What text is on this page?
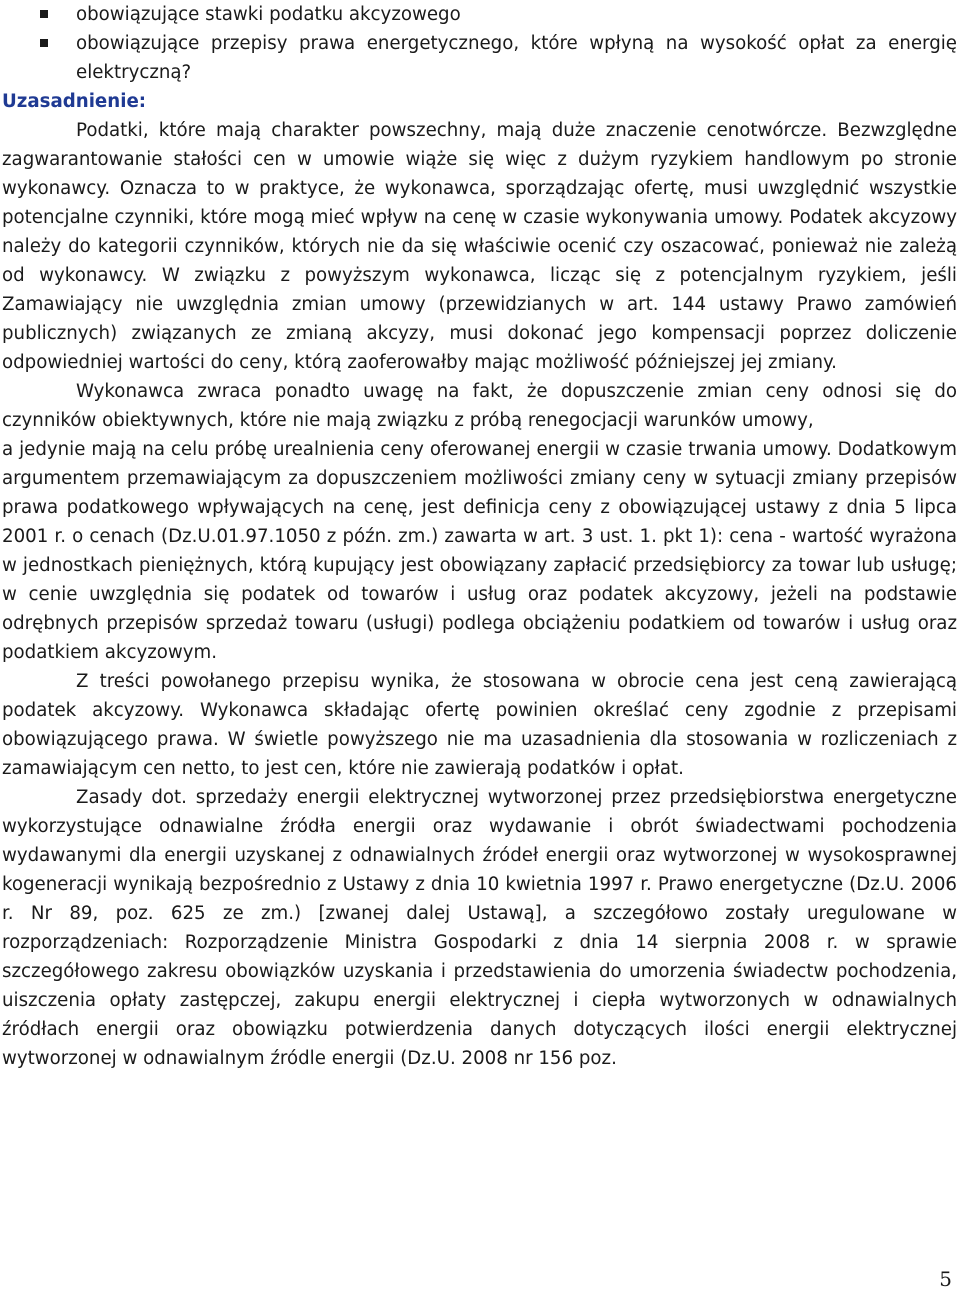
obowiązujące stawki podatku akcyzowego
obowiązujące przepisy prawa energetycznego, które wpłyną na wysokość opłat za energię elektryczną?

Uzasadnienie:

Podatki, które mają charakter powszechny, mają duże znaczenie cenotwórcze. Bezwzględne zagwarantowanie stałości cen w umowie wiąże się więc z dużym ryzykiem handlowym po stronie wykonawcy. Oznacza to w praktyce, że wykonawca, sporządzając ofertę, musi uwzględnić wszystkie potencjalne czynniki, które mogą mieć wpływ na cenę w czasie wykonywania umowy. Podatek akcyzowy należy do kategorii czynników, których nie da się właściwie ocenić czy oszacować, ponieważ nie zależą od wykonawcy. W związku z powyższym wykonawca, licząc się z potencjalnym ryzykiem, jeśli Zamawiający nie uwzględnia zmian umowy (przewidzianych w art. 144 ustawy Prawo zamówień publicznych) związanych ze zmianą akcyzy, musi dokonać jego kompensacji poprzez doliczenie odpowiedniej wartości do ceny, którą zaoferowałby mając możliwość późniejszej jej zmiany.

Wykonawca zwraca ponadto uwagę na fakt, że dopuszczenie zmian ceny odnosi się do czynników obiektywnych, które nie mają związku z próbą renegocjacji warunków umowy,

a jedynie mają na celu próbę urealnienia ceny oferowanej energii w czasie trwania umowy. Dodatkowym argumentem przemawiającym za dopuszczeniem możliwości zmiany ceny w sytuacji zmiany przepisów prawa podatkowego wpływających na cenę, jest definicja ceny z obowiązującej ustawy z dnia 5 lipca 2001 r. o cenach (Dz.U.01.97.1050 z późn. zm.) zawarta w art. 3 ust. 1. pkt 1): cena - wartość wyrażona w jednostkach pieniężnych, którą kupujący jest obowiązany zapłacić przedsiębiorcy za towar lub usługę; w cenie uwzględnia się podatek od towarów i usług oraz podatek akcyzowy, jeżeli na podstawie odrębnych przepisów sprzedaż towaru (usługi) podlega obciążeniu podatkiem od towarów i usług oraz podatkiem akcyzowym.

Z treści powołanego przepisu wynika, że stosowana w obrocie cena jest ceną zawierającą podatek akcyzowy. Wykonawca składając ofertę powinien określać ceny zgodnie z przepisami obowiązującego prawa. W świetle powyższego nie ma uzasadnienia dla stosowania w rozliczeniach z zamawiającym cen netto, to jest cen, które nie zawierają podatków i opłat.

Zasady dot. sprzedaży energii elektrycznej wytworzonej przez przedsiębiorstwa energetyczne wykorzystujące odnawialne źródła energii oraz wydawanie i obrót świadectwami pochodzenia wydawanymi dla energii uzyskanej z odnawialnych źródeł energii oraz wytworzonej w wysokosprawnej kogeneracji wynikają bezpośrednio z Ustawy z dnia 10 kwietnia 1997 r. Prawo energetyczne (Dz.U. 2006 r. Nr 89, poz. 625 ze zm.) [zwanej dalej Ustawą], a szczegółowo zostały uregulowane w rozporządzeniach: Rozporządzenie Ministra Gospodarki z dnia 14 sierpnia 2008 r. w sprawie szczegółowego zakresu obowiązków uzyskania i przedstawienia do umorzenia świadectw pochodzenia, uiszczenia opłaty zastępczej, zakupu energii elektrycznej i ciepła wytworzonych w odnawialnych źródłach energii oraz obowiązku potwierdzenia danych dotyczących ilości energii elektrycznej wytworzonej w odnawialnym źródle energii (Dz.U. 2008 nr 156 poz.

5
